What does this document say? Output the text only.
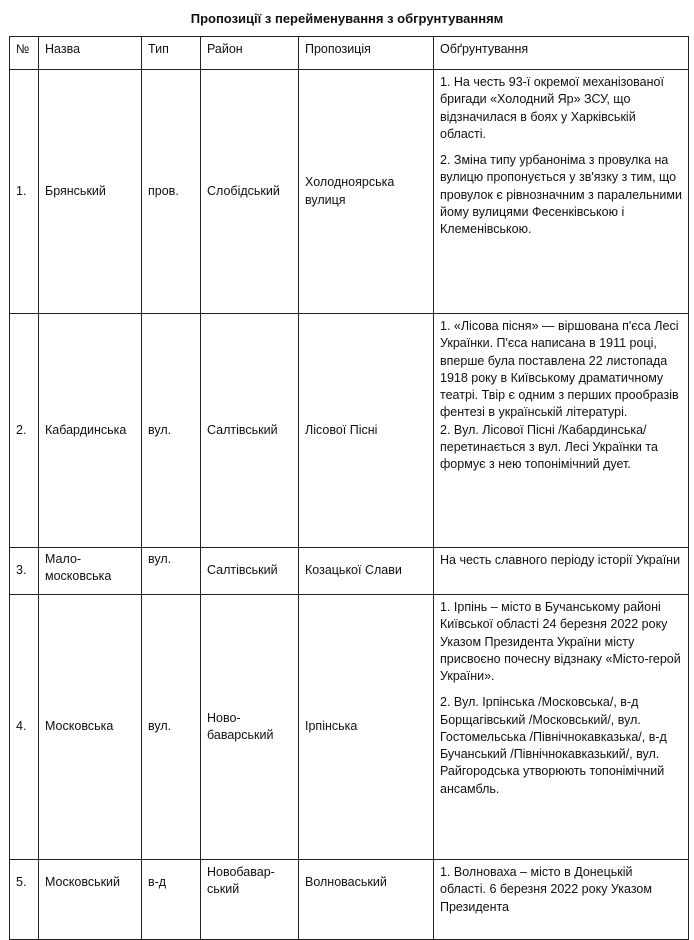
Пропозиції з перейменування з обгрунтуванням
№	Назва	Тип	Район	Пропозиція	Обґрунтування
1.	Брянський	пров.	Слобідський	Холодноярська вулиця	1. На честь 93-ї окремої механізованої бригади «Холодний Яр» ЗСУ, що відзначилася в боях у Харківській області.

2. Зміна типу урбаноніма з провулка на вулицю пропонується у зв'язку з тим, що провулок є рівнозначним з паралельними йому вулицями Фесенківською і Клеменівською.

2.	Кабардинська	вул.	Салтівський	Лісової Пісні	1. «Лісова пісня» — віршована п'єса Лесі Українки. П'єса написана в 1911 році, вперше була поставлена 22 листопада 1918 року в Київському драматичному театрі. Твір є одним з перших прообразів фентезі в українській літературі.

2. Вул. Лісової Пісні /Кабардинська/ перетинається з вул. Лесі Українки та формує з нею топонімічний дует.

3.	Мало-московська	вул.	Салтівський	Козацької Слави	На честь славного періоду історії України

4.	Московська	вул.	Ново-баварський	Ірпінська	1. Ірпінь – місто в Бучанському районі Київської області 24 березня 2022 року Указом Президента України місту присвоєно почесну відзнаку «Місто-герой України».

2. Вул. Ірпінська /Московська/, в-д Борщагівський /Московський/, вул. Гостомельська /Північнокавказька/, в-д Бучанський /Північнокавказький/, вул. Райгородська утворюють топонімічний ансамбль.

5.	Московський	в-д	Новобавар-ський	Волноваський	1. Волноваха – місто в Донецькій області. 6 березня 2022 року Указом Президента
